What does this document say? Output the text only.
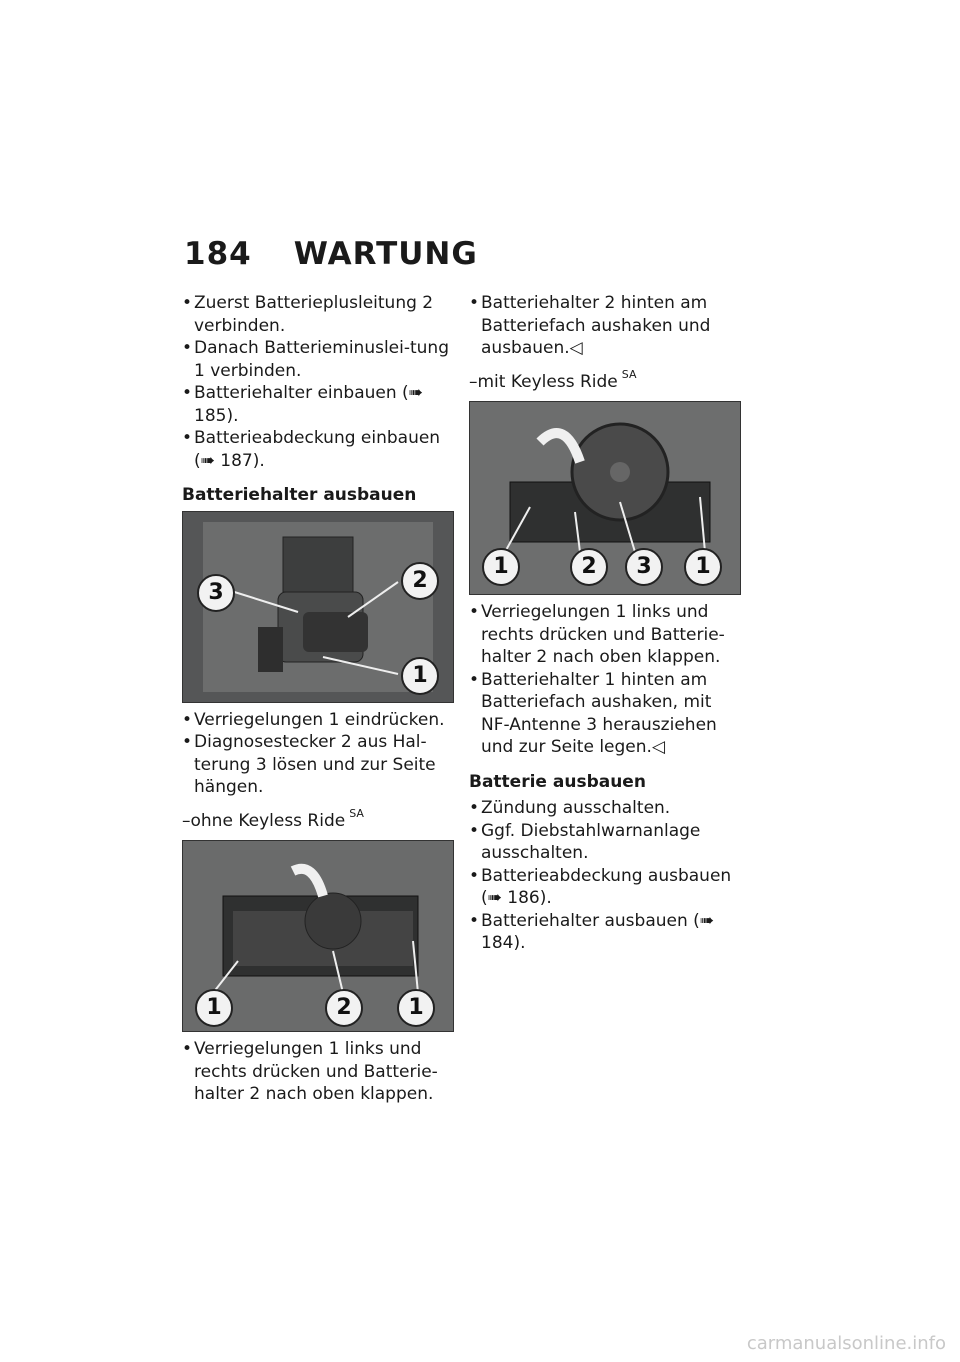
184 WARTUNG
• Zuerst Batterieplusleitung 2 verbinden.
• Danach Batterieminuslei-tung 1 verbinden.
• Batteriehalter einbauen (➠ 185).
• Batterieabdeckung einbauen (➠ 187).
Batteriehalter ausbauen
3	2
1
• Verriegelungen 1 eindrücken.
• Diagnosestecker 2 aus Hal-terung 3 lösen und zur Seite hängen.
–ohne Keyless Ride $^{SA}$
1	2	1
• Verriegelungen 1 links und rechts drücken und Batterie-halter 2 nach oben klappen.
• Batteriehalter 2 hinten am Batteriefach aushaken und ausbauen.◁
–mit Keyless Ride $^{SA}$
1	2	3	1
• Verriegelungen 1 links und rechts drücken und Batterie-halter 2 nach oben klappen.
• Batteriehalter 1 hinten am Batteriefach aushaken, mit NF-Antenne 3 herausziehen und zur Seite legen.◁
Batterie ausbauen
• Zündung ausschalten.
• Ggf. Diebstahlwarnanlage ausschalten.
• Batterieabdeckung ausbauen (➠ 186).
• Batteriehalter ausbauen (➠ 184).
carmanualsonline.info
